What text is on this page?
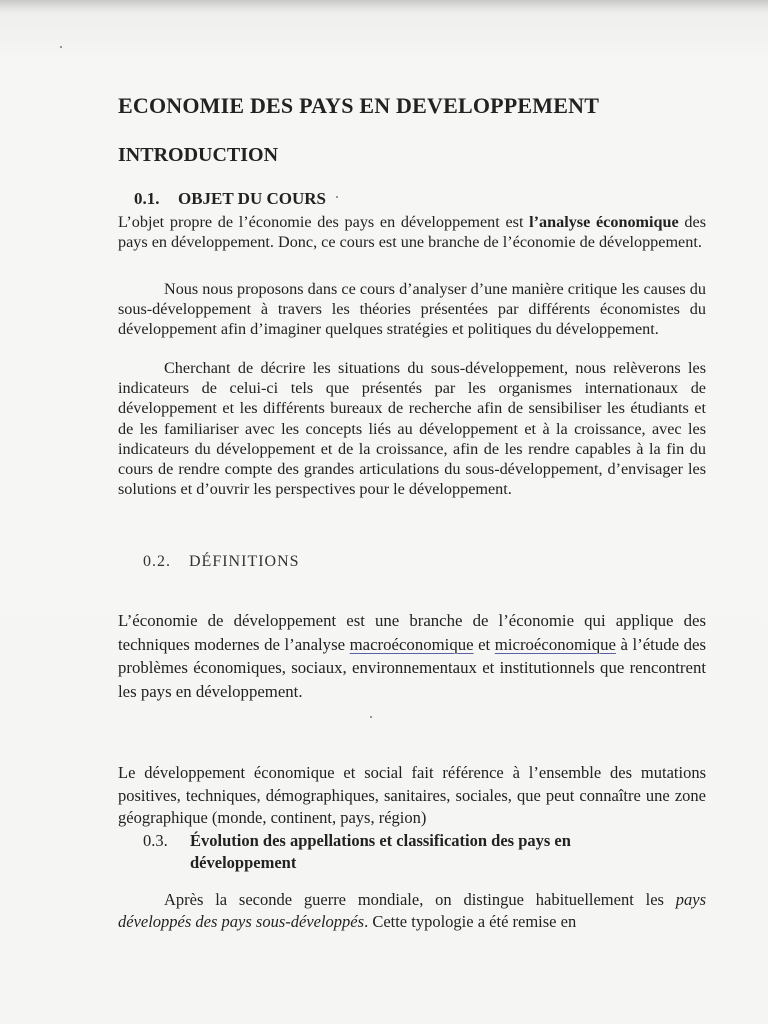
ECONOMIE DES PAYS EN DEVELOPPEMENT
INTRODUCTION
0.1. OBJET DU COURS

L’objet propre de l’économie des pays en développement est l’analyse économique des pays en développement. Donc, ce cours est une branche de l’économie de développement.

Nous nous proposons dans ce cours d’analyser d’une manière critique les causes du sous-développement à travers les théories présentées par différents économistes du développement afin d’imaginer quelques stratégies et politiques du développement.

Cherchant de décrire les situations du sous-développement, nous relèverons les indicateurs de celui-ci tels que présentés par les organismes internationaux de développement et les différents bureaux de recherche afin de sensibiliser les étudiants et de les familiariser avec les concepts liés au développement et à la croissance, avec les indicateurs du développement et de la croissance, afin de les rendre capables à la fin du cours de rendre compte des grandes articulations du sous-développement, d’envisager les solutions et d’ouvrir les perspectives pour le développement.

0.2. DÉFINITIONS

L’économie de développement est une branche de l’économie qui applique des techniques modernes de l’analyse macroéconomique et microéconomique à l’étude des problèmes économiques, sociaux, environnementaux et institutionnels que rencontrent les pays en développement.

Le développement économique et social fait référence à l’ensemble des mutations positives, techniques, démographiques, sanitaires, sociales, que peut connaître une zone géographique (monde, continent, pays, région)

0.3. Évolution des appellations et classification des pays en
développement

Après la seconde guerre mondiale, on distingue habituellement les pays développés des pays sous-développés. Cette typologie a été remise en
